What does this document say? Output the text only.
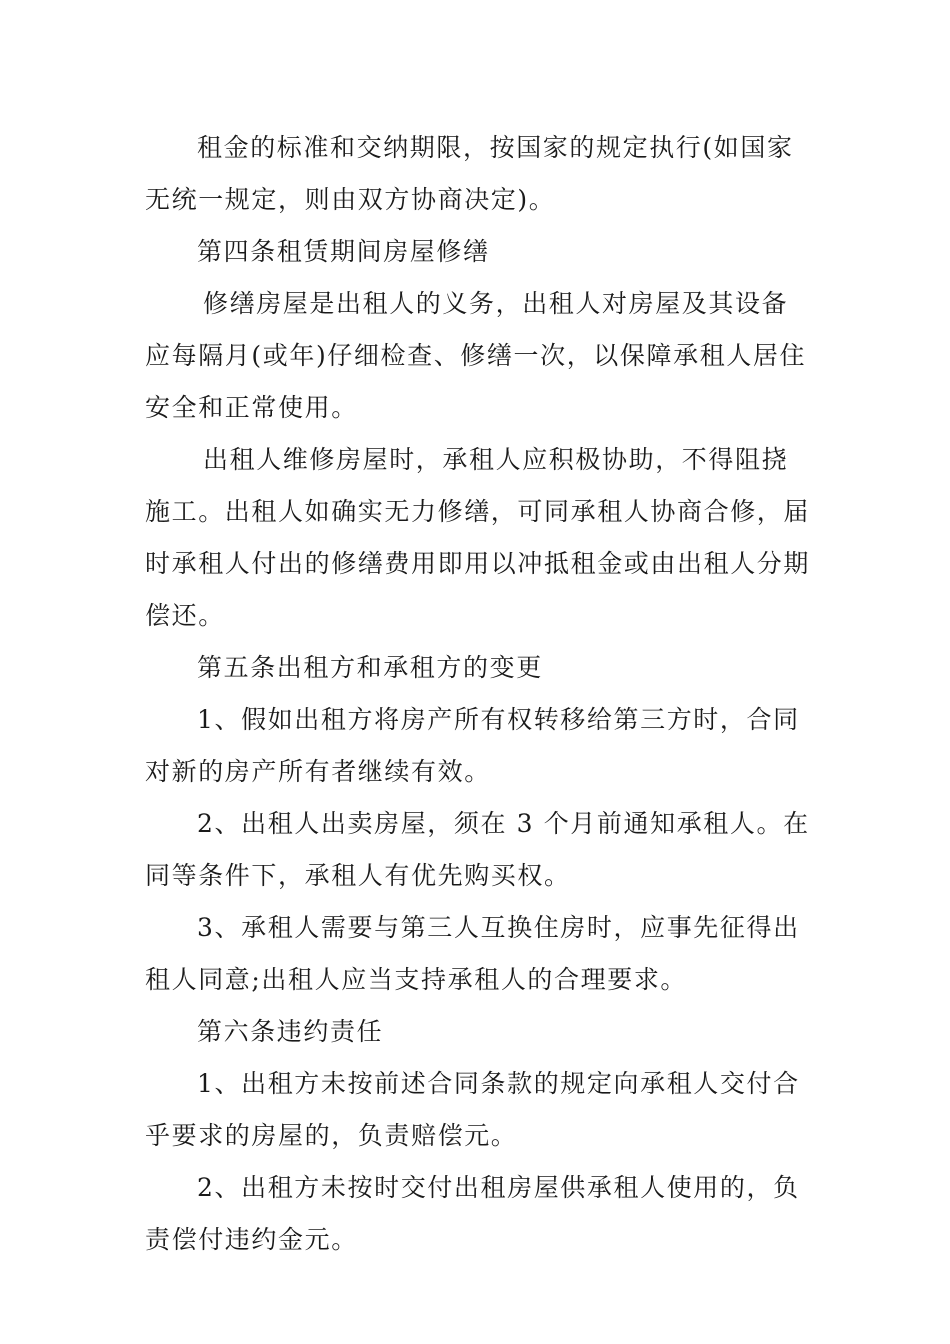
租金的标准和交纳期限，按国家的规定执行(如国家无统一规定，则由双方协商决定)。

第四条租赁期间房屋修缮

修缮房屋是出租人的义务，出租人对房屋及其设备应每隔月(或年)仔细检查、修缮一次，以保障承租人居住安全和正常使用。

出租人维修房屋时，承租人应积极协助，不得阻挠施工。出租人如确实无力修缮，可同承租人协商合修，届时承租人付出的修缮费用即用以冲抵租金或由出租人分期偿还。

第五条出租方和承租方的变更

1、假如出租方将房产所有权转移给第三方时，合同对新的房产所有者继续有效。

2、出租人出卖房屋，须在 3 个月前通知承租人。在同等条件下，承租人有优先购买权。

3、承租人需要与第三人互换住房时，应事先征得出租人同意;出租人应当支持承租人的合理要求。

第六条违约责任

1、出租方未按前述合同条款的规定向承租人交付合乎要求的房屋的，负责赔偿元。

2、出租方未按时交付出租房屋供承租人使用的，负责偿付违约金元。
